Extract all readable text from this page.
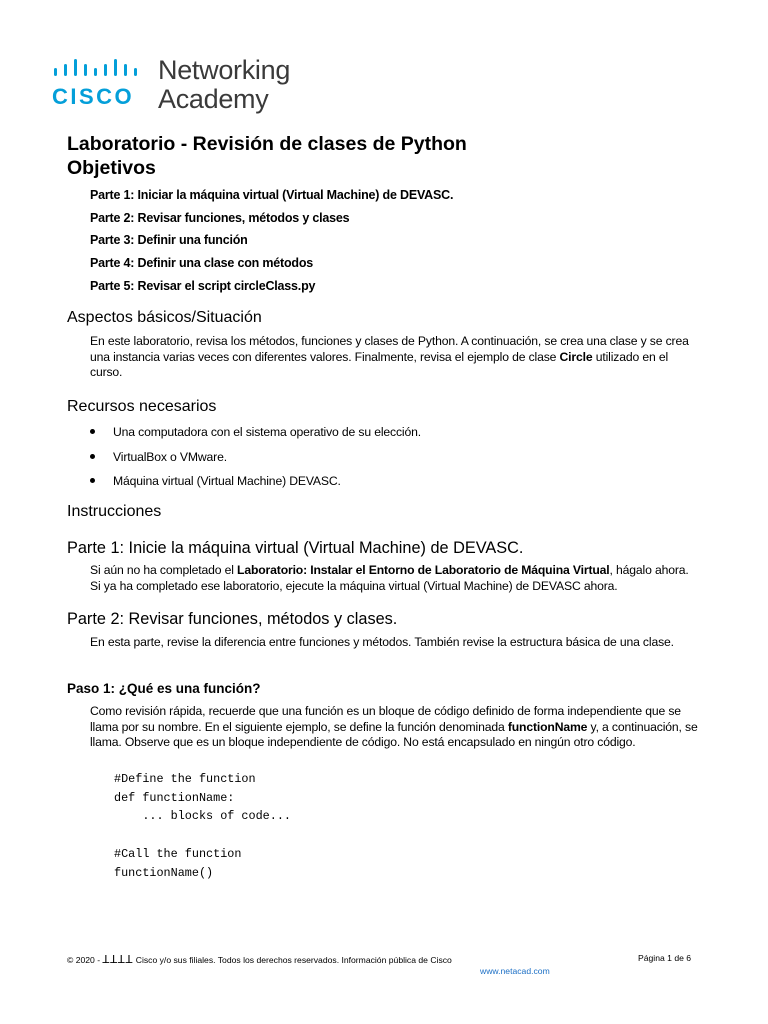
CISCO
Networking
Academy
Laboratorio - Revisión de clases de Python
Objetivos
Parte 1: Iniciar la máquina virtual (Virtual Machine) de DEVASC.
Parte 2: Revisar funciones, métodos y clases
Parte 3: Definir una función
Parte 4: Definir una clase con métodos
Parte 5: Revisar el script circleClass.py
Aspectos básicos/Situación

En este laboratorio, revisa los métodos, funciones y clases de Python. A continuación, se crea una clase y se crea una instancia varias veces con diferentes valores. Finalmente, revisa el ejemplo de clase Circle utilizado en el curso.

Recursos necesarios
Una computadora con el sistema operativo de su elección.
VirtualBox o VMware.
Máquina virtual (Virtual Machine) DEVASC.
Instrucciones
Parte 1: Inicie la máquina virtual (Virtual Machine) de DEVASC.

Si aún no ha completado el Laboratorio: Instalar el Entorno de Laboratorio de Máquina Virtual, hágalo ahora. Si ya ha completado ese laboratorio, ejecute la máquina virtual (Virtual Machine) de DEVASC ahora.

Parte 2: Revisar funciones, métodos y clases.

En esta parte, revise la diferencia entre funciones y métodos. También revise la estructura básica de una clase.

Paso 1: ¿Qué es una función?

Como revisión rápida, recuerde que una función es un bloque de código definido de forma independiente que se llama por su nombre. En el siguiente ejemplo, se define la función denominada functionName y, a continuación, se llama. Observe que es un bloque independiente de código. No está encapsulado en ningún otro código.

#Define the function
def functionName:
... blocks of code...

#Call the function
functionName()
© 2020 - ꓕꓕꓕꓕ Cisco y/o sus filiales. Todos los derechos reservados. Información pública de Cisco	Página 1 de 6
www.netacad.com
